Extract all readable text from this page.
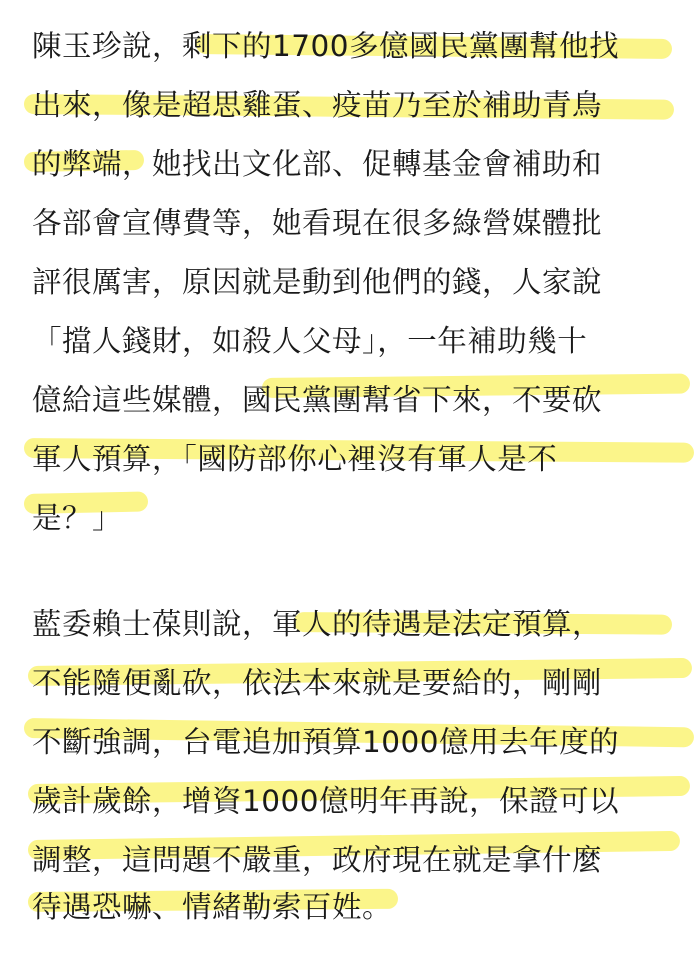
陳玉珍說，剩下的1700多億國民黨團幫他找
出來，像是超思雞蛋、疫苗乃至於補助青鳥
的弊端，她找出文化部、促轉基金會補助和
各部會宣傳費等，她看現在很多綠營媒體批
評很厲害，原因就是動到他們的錢，人家說
「擋人錢財，如殺人父母」，一年補助幾十
億給這些媒體，國民黨團幫省下來，不要砍
軍人預算，「國防部你心裡沒有軍人是不
是？」
藍委賴士葆則說，軍人的待遇是法定預算，
不能隨便亂砍，依法本來就是要給的，剛剛
不斷強調，台電追加預算1000億用去年度的
歲計歲餘，增資1000億明年再說，保證可以
調整，這問題不嚴重，政府現在就是拿什麼
待遇恐嚇、情緒勒索百姓。
